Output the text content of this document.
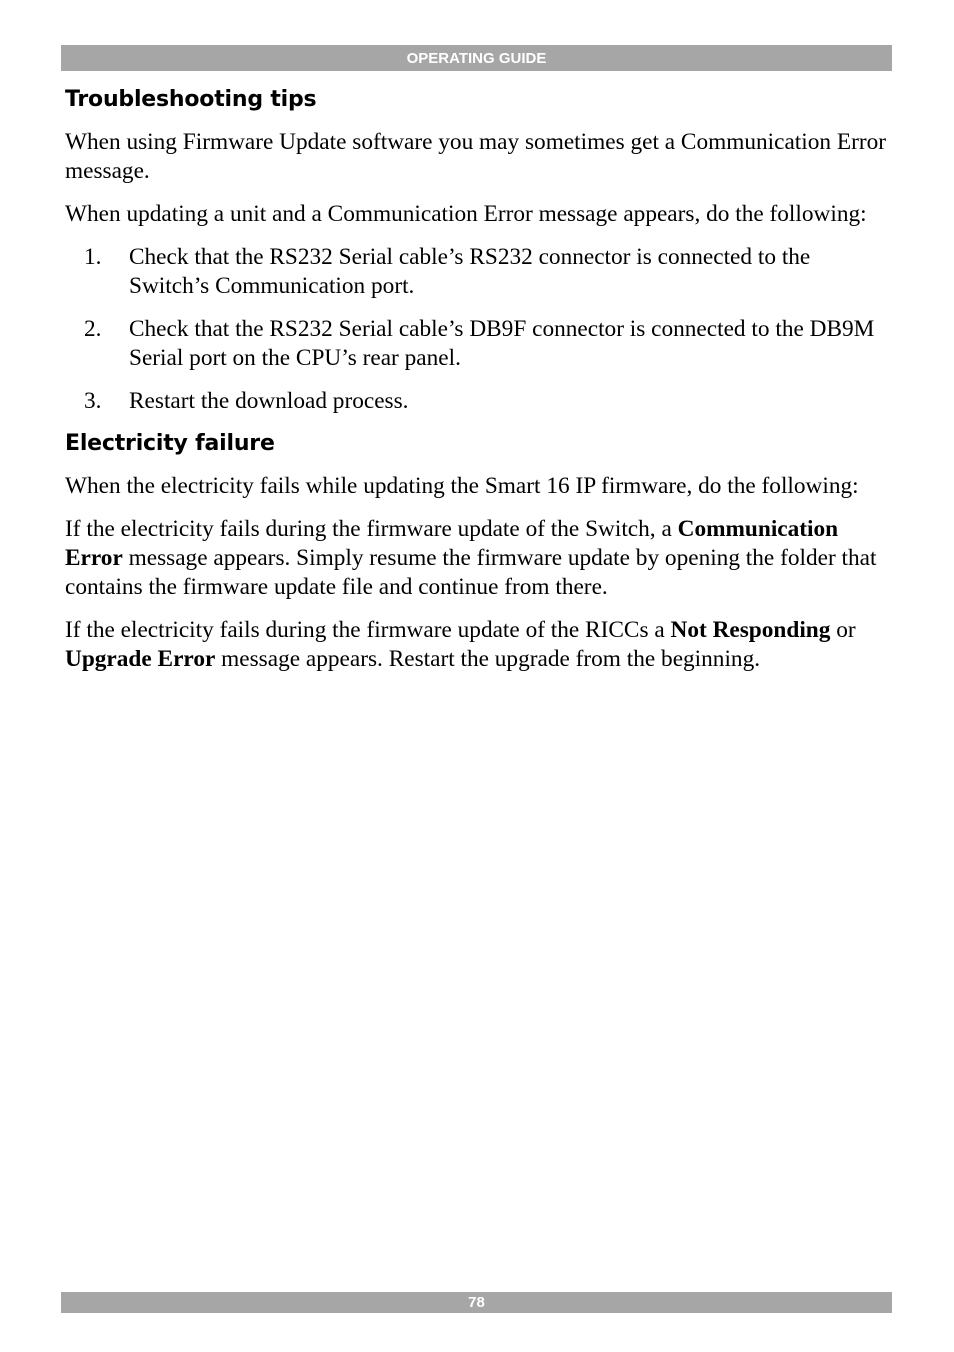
OPERATING GUIDE
Troubleshooting tips

When using Firmware Update software you may sometimes get a Communication Error message.

When updating a unit and a Communication Error message appears, do the following:

1.	Check that the RS232 Serial cable’s RS232 connector is connected to the Switch’s Communication port.
2.	Check that the RS232 Serial cable’s DB9F connector is connected to the DB9M Serial port on the CPU’s rear panel.
3.	Restart the download process.
Electricity failure

When the electricity fails while updating the Smart 16 IP firmware, do the following:

If the electricity fails during the firmware update of the Switch, a Communication Error message appears. Simply resume the firmware update by opening the folder that contains the firmware update file and continue from there.

If the electricity fails during the firmware update of the RICCs a Not Responding or Upgrade Error message appears. Restart the upgrade from the beginning.

78
